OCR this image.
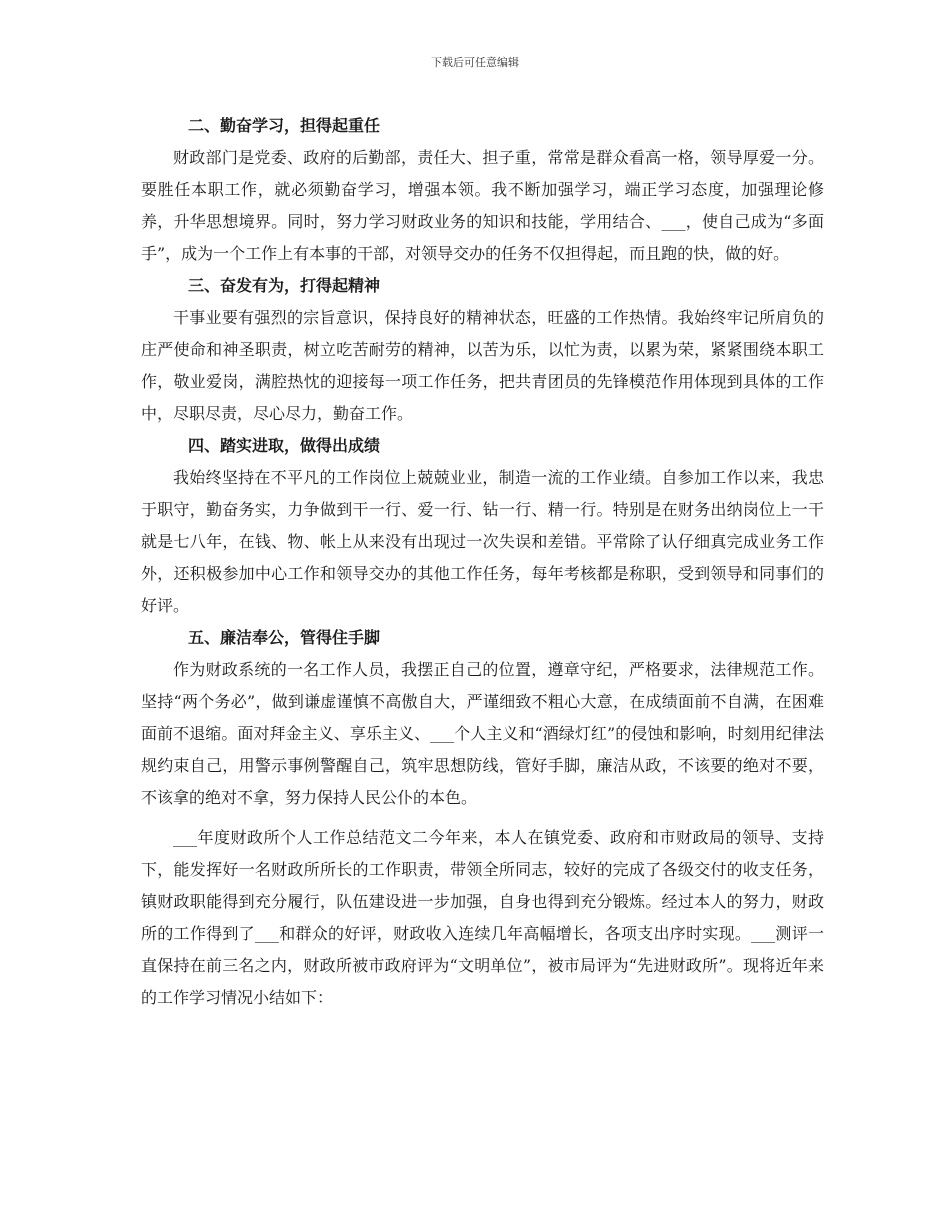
下载后可任意编辑

二、勤奋学习，担得起重任

财政部门是党委、政府的后勤部，责任大、担子重，常常是群众看高一格，领导厚爱一分。要胜任本职工作，就必须勤奋学习，增强本领。我不断加强学习，端正学习态度，加强理论修养，升华思想境界。同时，努力学习财政业务的知识和技能，学用结合、___，使自己成为“多面手”，成为一个工作上有本事的干部，对领导交办的任务不仅担得起，而且跑的快，做的好。

三、奋发有为，打得起精神

干事业要有强烈的宗旨意识，保持良好的精神状态，旺盛的工作热情。我始终牢记所肩负的庄严使命和神圣职责，树立吃苦耐劳的精神，以苦为乐，以忙为责，以累为荣，紧紧围绕本职工作，敬业爱岗，满腔热忱的迎接每一项工作任务，把共青团员的先锋模范作用体现到具体的工作中，尽职尽责，尽心尽力，勤奋工作。

四、踏实进取，做得出成绩

我始终坚持在不平凡的工作岗位上兢兢业业，制造一流的工作业绩。自参加工作以来，我忠于职守，勤奋务实，力争做到干一行、爱一行、钻一行、精一行。特别是在财务出纳岗位上一干就是七八年，在钱、物、帐上从来没有出现过一次失误和差错。平常除了认仔细真完成业务工作外，还积极参加中心工作和领导交办的其他工作任务，每年考核都是称职，受到领导和同事们的好评。

五、廉洁奉公，管得住手脚

作为财政系统的一名工作人员，我摆正自己的位置，遵章守纪，严格要求，法律规范工作。坚持“两个务必”，做到谦虚谨慎不高傲自大，严谨细致不粗心大意，在成绩面前不自满，在困难面前不退缩。面对拜金主义、享乐主义、___个人主义和“酒绿灯红”的侵蚀和影响，时刻用纪律法规约束自己，用警示事例警醒自己，筑牢思想防线，管好手脚，廉洁从政，不该要的绝对不要，不该拿的绝对不拿，努力保持人民公仆的本色。

___年度财政所个人工作总结范文二今年来，本人在镇党委、政府和市财政局的领导、支持下，能发挥好一名财政所所长的工作职责，带领全所同志，较好的完成了各级交付的收支任务，镇财政职能得到充分履行，队伍建设进一步加强，自身也得到充分锻炼。经过本人的努力，财政所的工作得到了___和群众的好评，财政收入连续几年高幅增长，各项支出序时实现。___测评一直保持在前三名之内，财政所被市政府评为“文明单位”，被市局评为“先进财政所”。现将近年来的工作学习情况小结如下：
